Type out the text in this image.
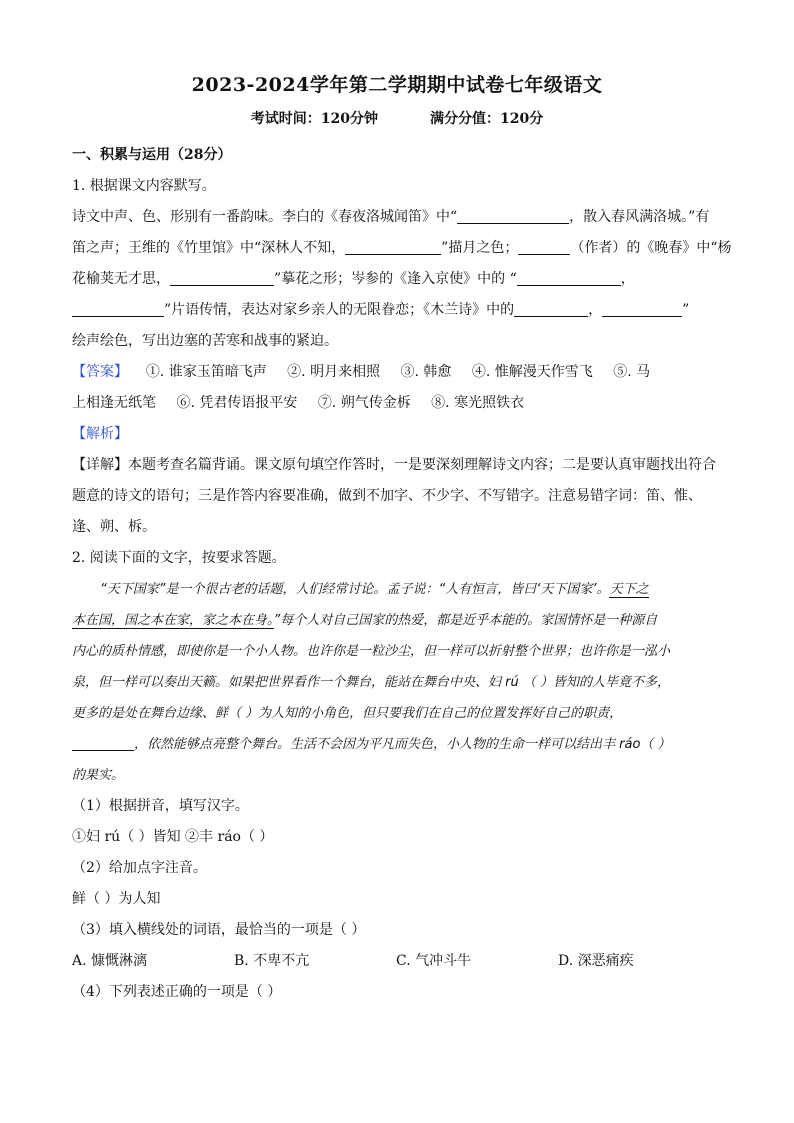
2023-2024学年第二学期期中试卷七年级语文
考试时间：120分钟	满分分值：120分
一、积累与运用（28分）
1. 根据课文内容默写。
诗文中声、色、形别有一番韵味。李白的《春夜洛城闻笛》中“	，散入春风满洛城。”有
笛之声；王维的《竹里馆》中“深林人不知，	”描月之色；	（作者）的《晚春》中“杨
花榆荚无才思，	”摹花之形；岑参的《逢入京使》中的 “	，
”片语传情，表达对家乡亲人的无限眷恋；《木兰诗》中的	，	”
绘声绘色，写出边塞的苦寒和战事的紧迫。
【答案】 ①. 谁家玉笛暗飞声 ②. 明月来相照 ③. 韩愈 ④. 惟解漫天作雪飞 ⑤. 马
上相逢无纸笔 ⑥. 凭君传语报平安 ⑦. 朔气传金柝 ⑧. 寒光照铁衣
【解析】
【详解】本题考查名篇背诵。课文原句填空作答时，一是要深刻理解诗文内容；二是要认真审题找出符合
题意的诗文的语句；三是作答内容要准确，做到不加字、不少字、不写错字。注意易错字词：笛、惟、
逢、朔、柝。
2. 阅读下面的文字，按要求答题。
“天下国家”是一个很古老的话题，人们经常讨论。孟子说：“人有恒言，皆曰‘天下国家’。天下之
本在国，国之本在家，家之本在身。”每个人对自己国家的热爱，都是近乎本能的。家国情怀是一种源自
内心的质朴情感，即使你是一个小人物。也许你是一粒沙尘，但一样可以折射整个世界；也许你是一泓小
泉，但一样可以奏出天籁。如果把世界看作一个舞台，能站在舞台中央、妇 rú （ ）皆知的人毕竟不多，
更多的是处在舞台边缘、鲜（ ）为人知的小角色，但只要我们在自己的位置发挥好自己的职责，
，依然能够点亮整个舞台。生活不会因为平凡而失色，小人物的生命一样可以结出丰 ráo（ ）
的果实。
（1）根据拼音，填写汉字。
①妇 rú（ ）皆知 ②丰 ráo（ ）
（2）给加点字注音。
鲜（ ）为人知
（3）填入横线处的词语，最恰当的一项是（ ）
A. 慷慨淋漓	B. 不卑不亢	C. 气冲斗牛	D. 深恶痛疾
（4）下列表述正确的一项是（ ）
